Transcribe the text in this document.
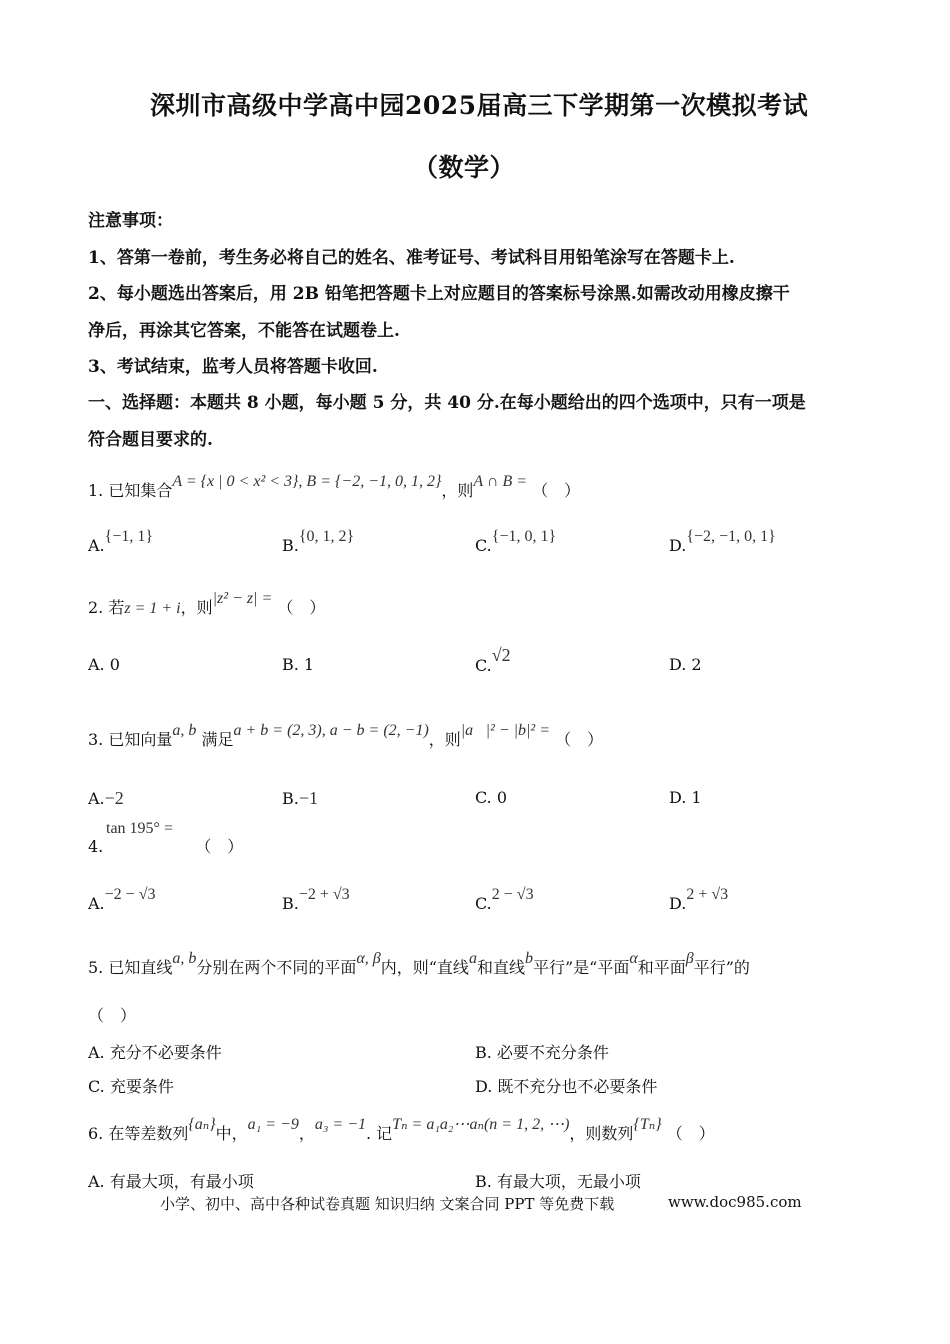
深圳市高级中学高中园2025届高三下学期第一次模拟考试
（数学）
注意事项：
1、答第一卷前，考生务必将自己的姓名、准考证号、考试科目用铅笔涂写在答题卡上.
2、每小题选出答案后，用 2B 铅笔把答题卡上对应题目的答案标号涂黑.如需改动用橡皮擦干
净后，再涂其它答案，不能答在试题卷上.
3、考试结束，监考人员将答题卡收回.
一、选择题：本题共 8 小题，每小题 5 分，共 40 分.在每小题给出的四个选项中，只有一项是
符合题目要求的.
1. 已知集合A = {x | 0 < x² < 3}, B = {−2, −1, 0, 1, 2}，则A ∩ B = （　）
A.{−1, 1}	B.{0, 1, 2}	C.{−1, 0, 1}	D.{−2, −1, 0, 1}
2. 若z = 1 + i，则|z² − z| = （　）
A. 0	B. 1	C.√2	D. 2
3. 已知向量a, b 满足a + b = (2, 3), a − b = (2, −1)，则|a⃗|² − |b|² = （　）
A.−2	B.−1	C. 0	D. 1
tan 195° =
4.	（　）
A.−2 − √3	B.−2 + √3	C.2 − √3	D.2 + √3
5. 已知直线a, b分别在两个不同的平面α, β内，则“直线a和直线b平行”是“平面α和平面β平行”的
（　）
A. 充分不必要条件	B. 必要不充分条件
C. 充要条件	D. 既不充分也不必要条件
6. 在等差数列{aₙ}中，a₁ = −9，a₃ = −1. 记Tₙ = a₁a₂⋯aₙ(n = 1, 2, ⋯)，则数列{Tₙ} （　）
A. 有最大项，有最小项	B. 有最大项，无最小项
小学、初中、高中各种试卷真题 知识归纳 文案合同 PPT 等免费下载	www.doc985.com
